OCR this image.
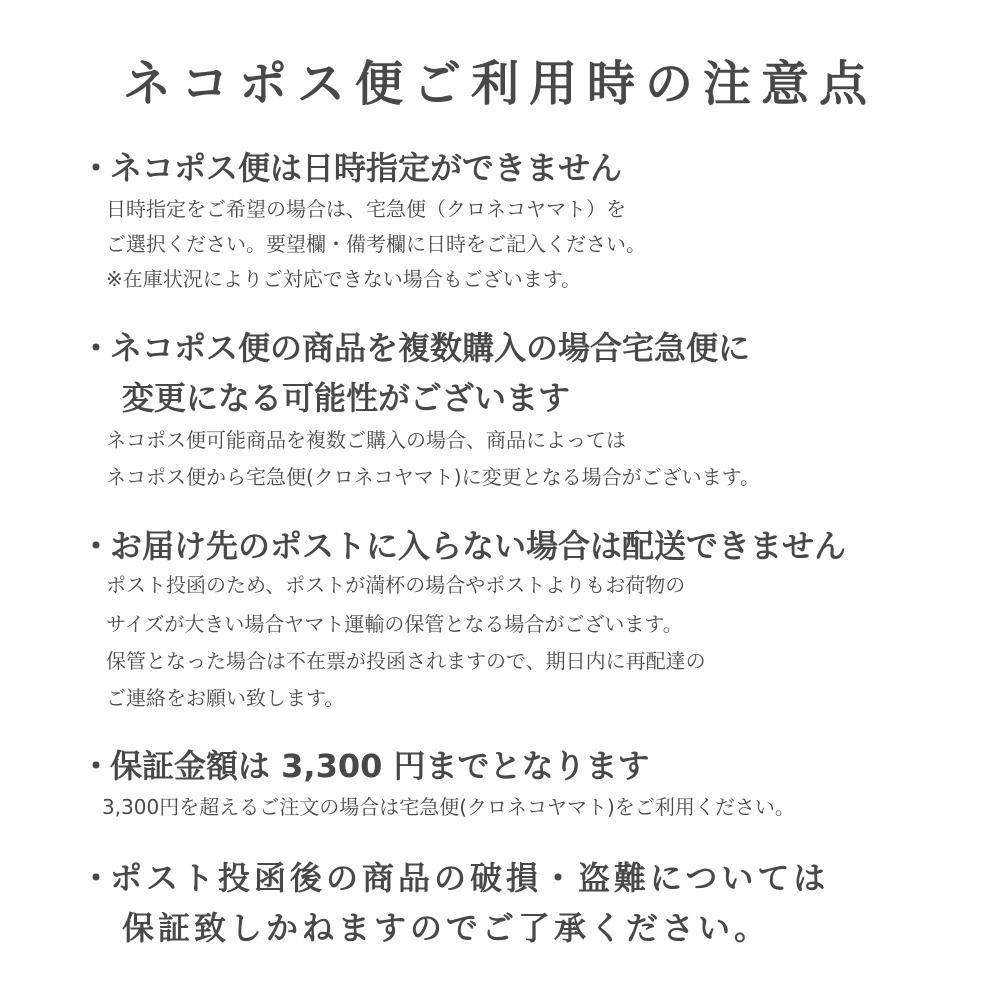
ネコポス便ご利用時の注意点
・
ネコポス便は日時指定ができません
日時指定をご希望の場合は、宅急便（クロネコヤマト）を
ご選択ください。要望欄・備考欄に日時をご記入ください。
※在庫状況によりご対応できない場合もございます。
・
ネコポス便の商品を複数購入の場合宅急便に
変更になる可能性がございます
ネコポス便可能商品を複数ご購入の場合、商品によっては
ネコポス便から宅急便(クロネコヤマト)に変更となる場合がございます。
・
お届け先のポストに入らない場合は配送できません
ポスト投函のため、ポストが満杯の場合やポストよりもお荷物の
サイズが大きい場合ヤマト運輸の保管となる場合がございます。
保管となった場合は不在票が投函されますので、期日内に再配達の
ご連絡をお願い致します。
・
保証金額は 3,300 円までとなります
3,300円を超えるご注文の場合は宅急便(クロネコヤマト)をご利用ください。
・
ポスト投函後の商品の破損・盗難については
保証致しかねますのでご了承ください。
